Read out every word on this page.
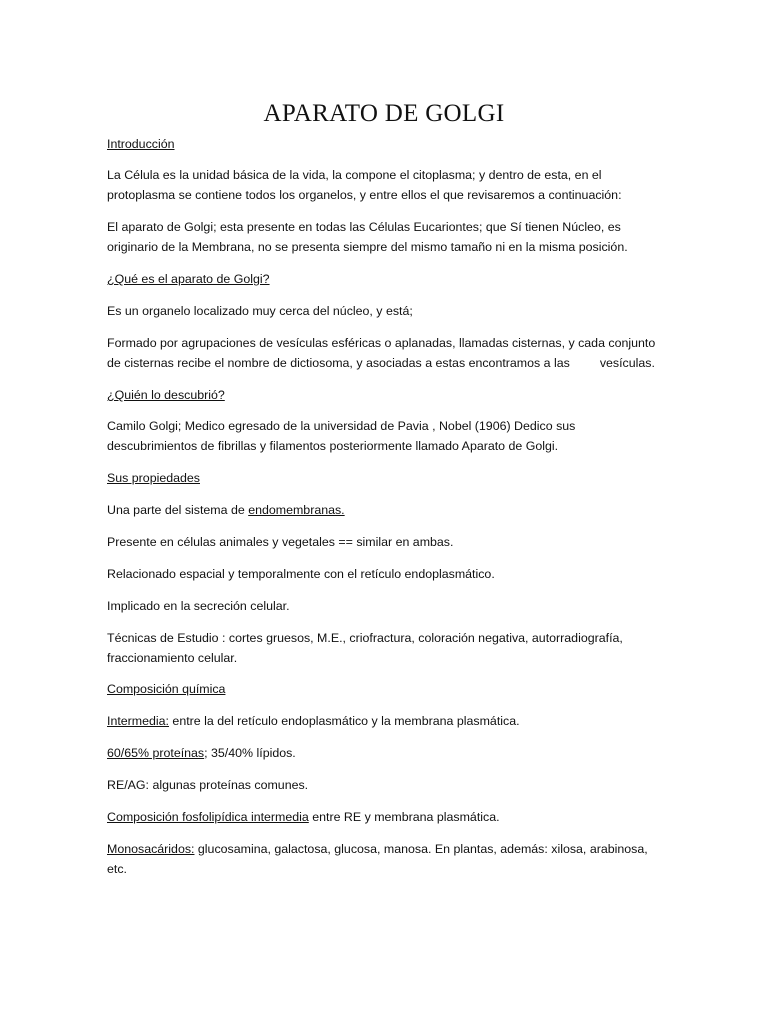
APARATO DE GOLGI

Introducción

La Célula es la unidad básica de la vida, la compone el citoplasma; y dentro de esta, en el
protoplasma se contiene todos los organelos, y entre ellos el que revisaremos a continuación:

El aparato de Golgi; esta presente en todas las Células Eucariontes; que Sí tienen Núcleo, es
originario de la Membrana, no se presenta siempre del mismo tamaño ni en la misma posición.

¿Qué es el aparato de Golgi?

Es un organelo localizado muy cerca del núcleo, y está;

Formado por agrupaciones de vesículas esféricas o aplanadas, llamadas cisternas, y cada conjunto
de cisternas recibe el nombre de dictiosoma, y asociadas a estas encontramos a las vesículas.

¿Quién lo descubrió?

Camilo Golgi; Medico egresado de la universidad de Pavia , Nobel (1906) Dedico sus
descubrimientos de fibrillas y filamentos posteriormente llamado Aparato de Golgi.

Sus propiedades

Una parte del sistema de endomembranas.

Presente en células animales y vegetales == similar en ambas.

Relacionado espacial y temporalmente con el retículo endoplasmático.

Implicado en la secreción celular.

Técnicas de Estudio : cortes gruesos, M.E., criofractura, coloración negativa, autorradiografía,
fraccionamiento celular.

Composición química

Intermedia: entre la del retículo endoplasmático y la membrana plasmática.

60/65% proteínas; 35/40% lípidos.

RE/AG: algunas proteínas comunes.

Composición fosfolipídica intermedia entre RE y membrana plasmática.

Monosacáridos: glucosamina, galactosa, glucosa, manosa. En plantas, además: xilosa, arabinosa,
etc.
